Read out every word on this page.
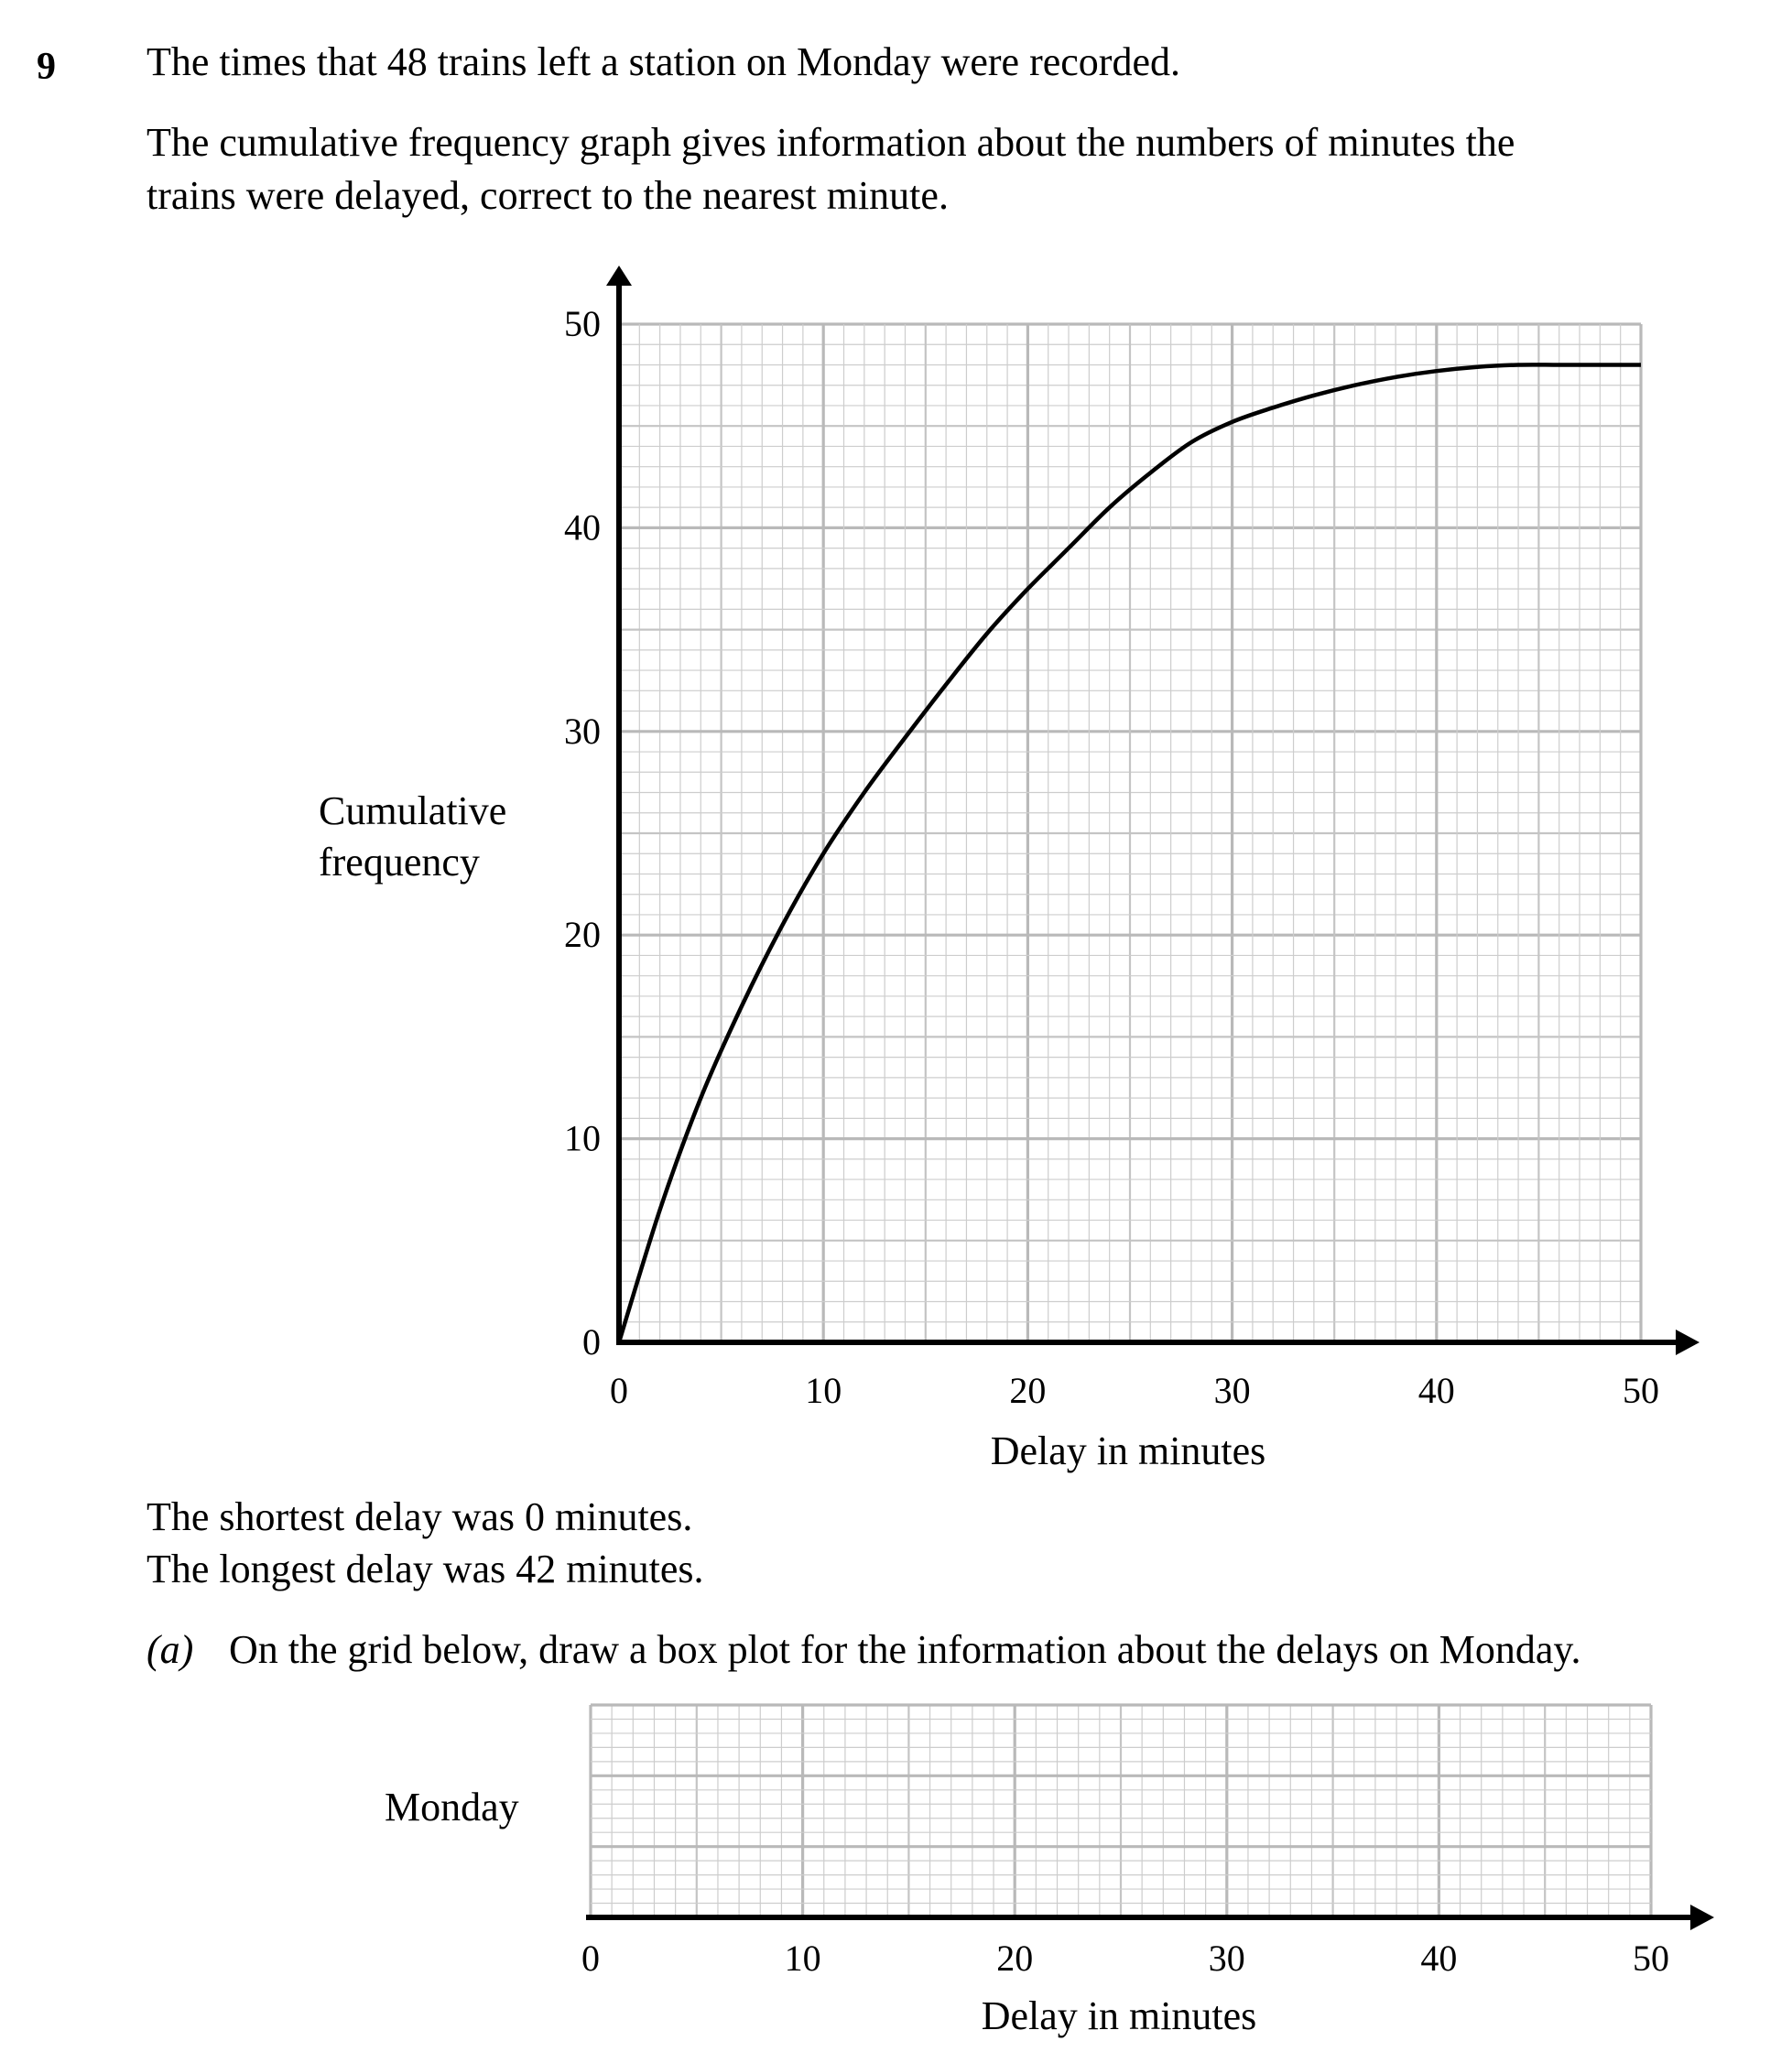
9 The times that 48 trains left a station on Monday were recorded.
The cumulative frequency graph gives information about the numbers of minutes the
trains were delayed, correct to the nearest minute.
0	10	20	30	40	50
0
10
20
30
40
50
Cumulative
frequency
Delay in minutes
0	10	20	30	40	50
Monday
Delay in minutes
The shortest delay was 0 minutes.
The longest delay was 42 minutes.
(a) On the grid below, draw a box plot for the information about the delays on Monday.
